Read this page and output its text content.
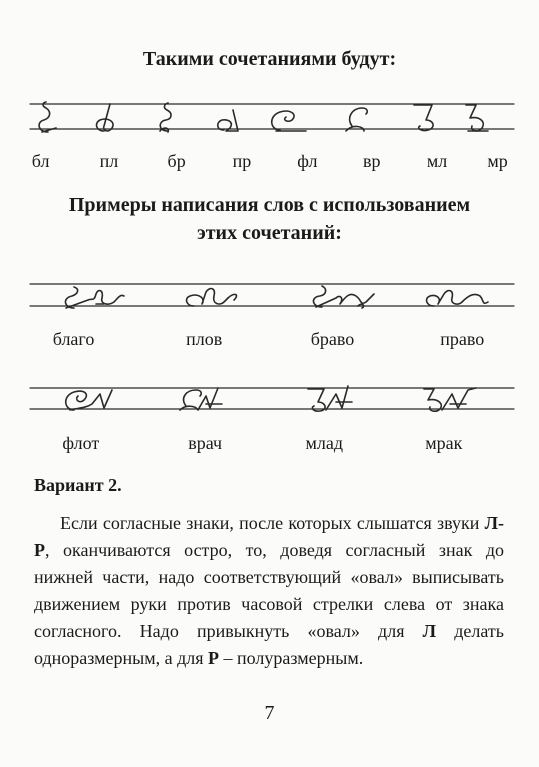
Такими сочетаниями будут:
бл	пл	бр	пр	фл	вр	мл мр
Примеры написания слов с использованием
этих сочетаний:
благо	плов	браво	право
флот	врач	млад	мрак
Вариант 2.

Если согласные знаки, после которых слышатся звуки Л-Р, оканчиваются остро, то, доведя согласный знак до нижней части, надо соответствующий «овал» выписывать движением руки против часовой стрелки слева от знака согласного. Надо привыкнуть «овал» для Л делать одноразмерным, а для Р – полуразмерным.

7
